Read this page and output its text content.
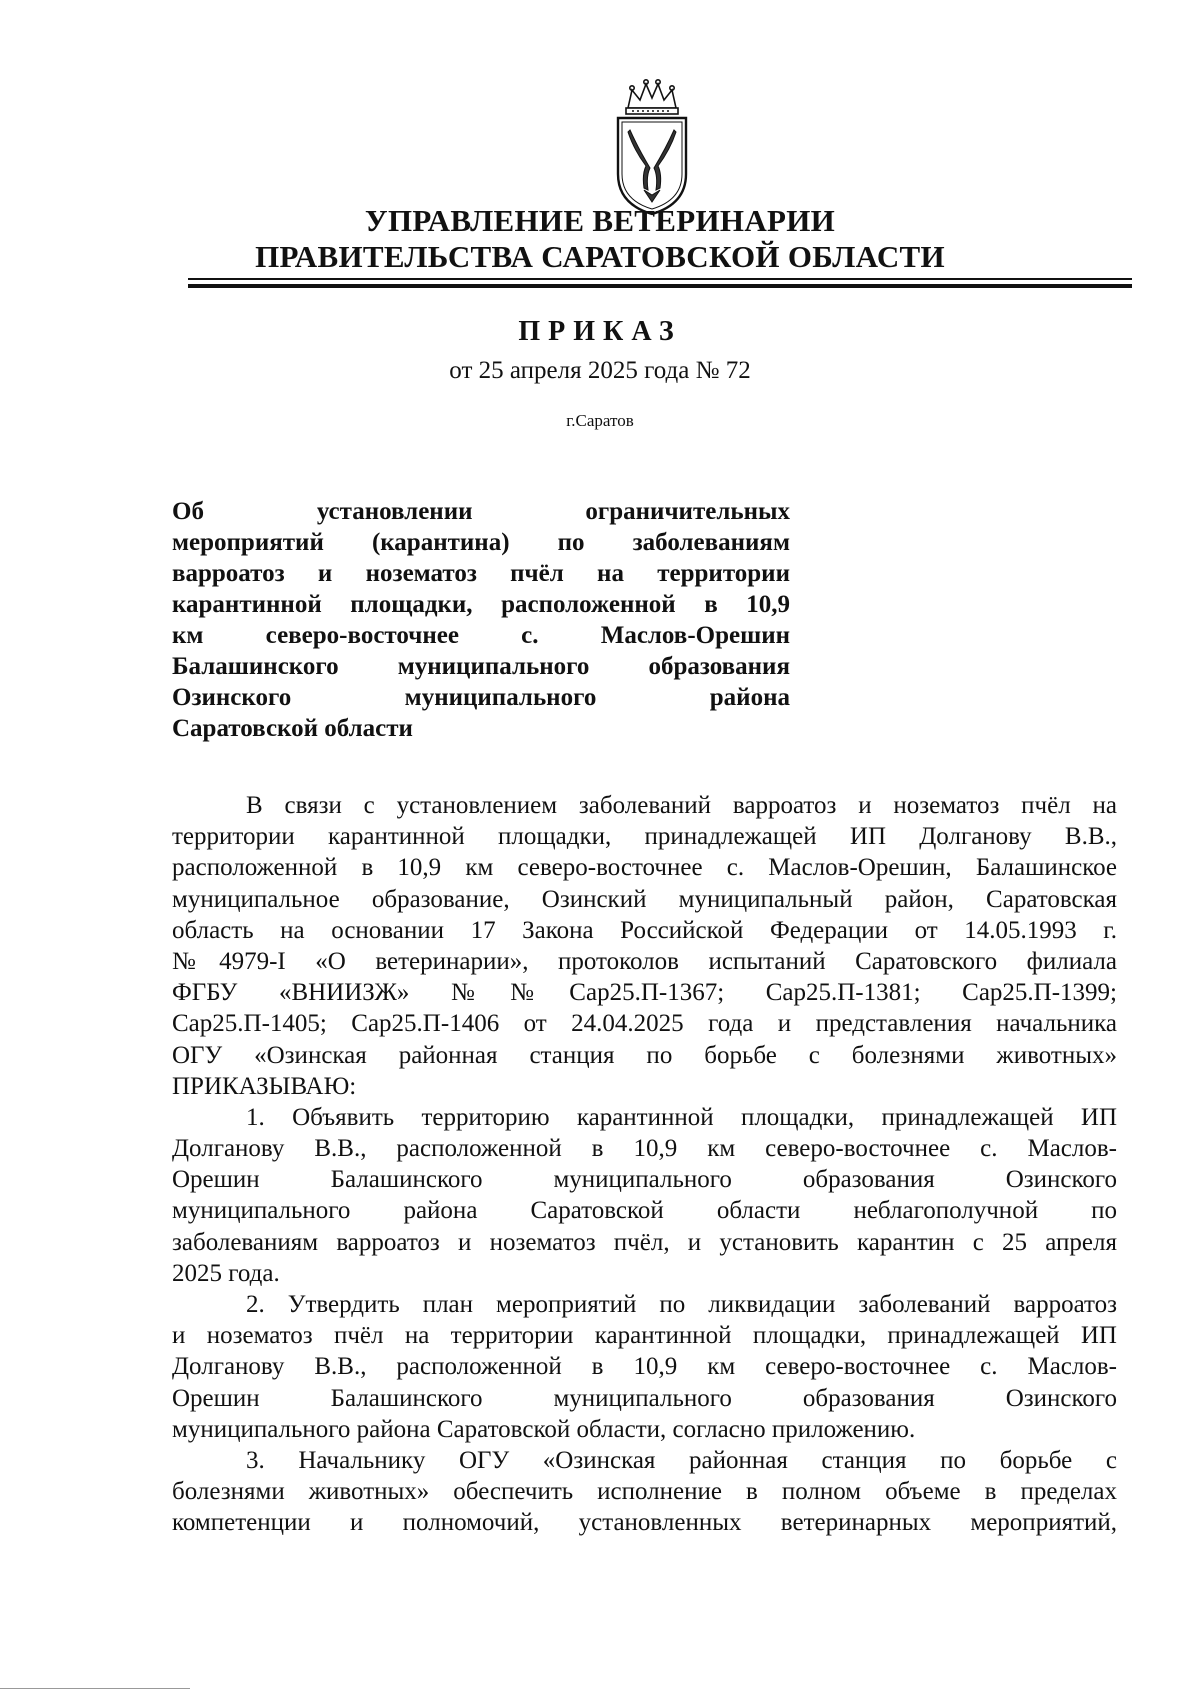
УПРАВЛЕНИЕ ВЕТЕРИНАРИИ
ПРАВИТЕЛЬСТВА САРАТОВСКОЙ ОБЛАСТИ
ПРИКАЗ
от 25 апреля 2025 года № 72
г.Саратов
Об установлении ограничительных
мероприятий (карантина) по заболеваниям
варроатоз и нозематоз пчёл на территории
карантинной площадки, расположенной в 10,9
км северо-восточнее с. Маслов-Орешин
Балашинского муниципального образования
Озинского муниципального района
Саратовской области
В связи с установлением заболеваний варроатоз и нозематоз пчёл на
территории карантинной площадки, принадлежащей ИП Долганову В.В.,
расположенной в 10,9 км северо-восточнее с. Маслов-Орешин, Балашинское
муниципальное образование, Озинский муниципальный район, Саратовская
область на основании 17 Закона Российской Федерации от 14.05.1993 г.
№4979-I «О ветеринарии», протоколов испытаний Саратовского филиала
ФГБУ «ВНИИЗЖ» №№Сар25.П-1367; Сар25.П-1381; Сар25.П-1399;
Сар25.П-1405; Сар25.П-1406 от 24.04.2025 года и представления начальника
ОГУ «Озинская районная станция по борьбе с болезнями животных»
ПРИКАЗЫВАЮ:
1. Объявить территорию карантинной площадки, принадлежащей ИП
Долганову В.В., расположенной в 10,9 км северо-восточнее с. Маслов-
Орешин Балашинского муниципального образования Озинского
муниципального района Саратовской области неблагополучной по
заболеваниям варроатоз и нозематоз пчёл, и установить карантин с 25 апреля
2025 года.
2. Утвердить план мероприятий по ликвидации заболеваний варроатоз
и нозематоз пчёл на территории карантинной площадки, принадлежащей ИП
Долганову В.В., расположенной в 10,9 км северо-восточнее с. Маслов-
Орешин Балашинского муниципального образования Озинского
муниципального района Саратовской области, согласно приложению.
3. Начальнику ОГУ «Озинская районная станция по борьбе с
болезнями животных» обеспечить исполнение в полном объеме в пределах
компетенции и полномочий, установленных ветеринарных мероприятий,
